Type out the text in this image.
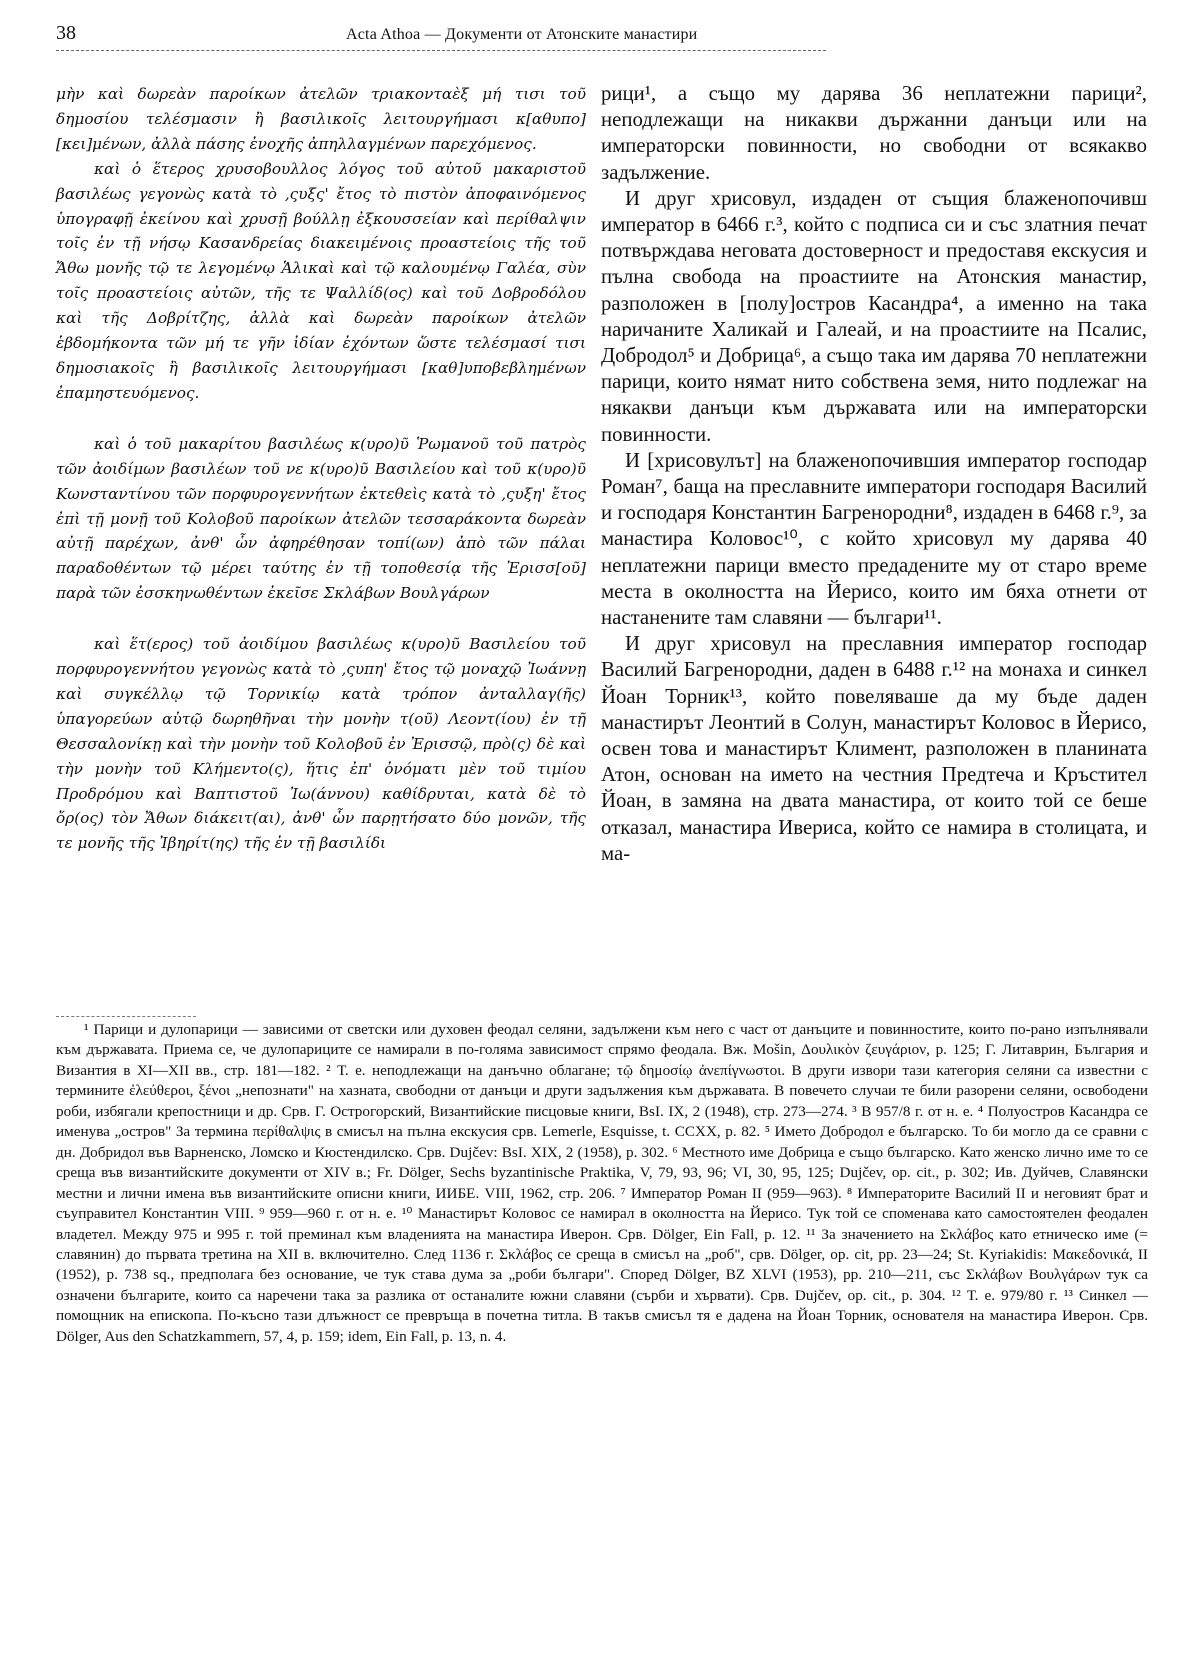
38	Acta Athoa — Документи от Атонските манастири

μὴν καὶ δωρεὰν παροίκων ἀτελῶν τριακονταὲξ μή τισι τοῦ δημοσίου τελέσμασιν ἢ βασιλικοῖς λειτουργήμασι κ[αθυπο] [κει]μένων, ἀλλὰ πάσης ἐνοχῆς ἀπηλλαγμένων παρεχόμενος.

καὶ ὁ ἕτερος χρυσοβουλλος λόγος τοῦ αὐτοῦ μακαριστοῦ βασιλέως γεγονὼς κατὰ τὸ ‚ςυξς' ἔτος τὸ πιστὸν ἀποφαινόμενος ὑπογραφῇ ἐκείνου καὶ χρυσῇ βούλλῃ ἐξκουσσείαν καὶ περίθαλψιν τοῖς ἐν τῇ νήσῳ Κασανδρείας διακειμένοις προαστείοις τῆς τοῦ Ἄθω μονῆς τῷ τε λεγομένῳ Ἁλικαὶ καὶ τῷ καλουμένῳ Γαλέα, σὺν τοῖς προαστείοις αὐτῶν, τῆς τε Ψαλλίδ(ος) καὶ τοῦ Δοβροδόλου καὶ τῆς Δοβρίτζης, ἀλλὰ καὶ δωρεὰν παροίκων ἀτελῶν ἑβδομήκοντα τῶν μή τε γῆν ἰδίαν ἐχόντων ὥστε τελέσμασί τισι δημοσιακοῖς ἢ βασιλικοῖς λειτουργήμασι [καθ]υποβεβλημένων ἐπαμηστευόμενος.

καὶ ὁ τοῦ μακαρίτου βασιλέως κ(υρο)ῦ Ῥωμανοῦ τοῦ πατρὸς τῶν ἀοιδίμων βασιλέων τοῦ νε κ(υρο)ῦ Βασιλείου καὶ τοῦ κ(υρο)ῦ Κωνσταντίνου τῶν πορφυρογεννήτων ἐκτεθεὶς κατὰ τὸ ‚ςυξη' ἔτος ἐπὶ τῇ μονῇ τοῦ Κολοβοῦ παροίκων ἀτελῶν τεσσαράκοντα δωρεὰν αὐτῇ παρέχων, ἀνθ' ὧν ἀφηρέθησαν τοπί(ων) ἀπὸ τῶν πάλαι παραδοθέντων τῷ μέρει ταύτης ἐν τῇ τοποθεσίᾳ τῆς Ἐρισσ[οῦ] παρὰ τῶν ἐσσκηνωθέντων ἐκεῖσε Σκλάβων Βουλγάρων

καὶ ἕτ(ερος) τοῦ ἀοιδίμου βασιλέως κ(υρο)ῦ Βασιλείου τοῦ πορφυρογεννήτου γεγονὼς κατὰ τὸ ‚ςυπη' ἔτος τῷ μοναχῷ Ἰωάννῃ καὶ συγκέλλῳ τῷ Τορνικίῳ κατὰ τρόπον ἀνταλλαγ(ῆς) ὑπαγορεύων αὐτῷ δωρηθῆναι τὴν μονὴν τ(οῦ) Λεοντ(ίου) ἐν τῇ Θεσσαλονίκῃ καὶ τὴν μονὴν τοῦ Κολοβοῦ ἐν Ἐρισσῷ, πρὸ(ς) δὲ καὶ τὴν μονὴν τοῦ Κλήμεντο(ς), ἥτις ἐπ' ὀνόματι μὲν τοῦ τιμίου Προδρόμου καὶ Βαπτιστοῦ Ἰω(άννου) καθίδρυται, κατὰ δὲ τὸ ὄρ(ος) τὸν Ἄθων διάκειτ(αι), ἀνθ' ὧν παρῃτήσατο δύο μονῶν, τῆς τε μονῆς τῆς Ἰβηρίτ(ης) τῆς ἐν τῇ βασιλίδι

рици¹, а също му дарява 36 неплатежни парици², неподлежащи на никакви държанни данъци или на императорски повинности, но свободни от всякакво задължение.

И друг хрисовул, издаден от същия блаженопочивш император в 6466 г.³, който с подписа си и със златния печат потвърждава неговата достоверност и предоставя екскусия и пълна свобода на проастиите на Атонския манастир, разположен в [полу]остров Касандра⁴, а именно на така наричаните Халикай и Галеай, и на проастиите на Псалис, Добродол⁵ и Добрица⁶, а също така им дарява 70 неплатежни парици, които нямат нито собствена земя, нито подлежаг на някакви данъци към държавата или на императорски повинности.

И [хрисовулът] на блаженопочившия император господар Роман⁷, баща на преславните императори господаря Василий и господаря Константин Багренородни⁸, издаден в 6468 г.⁹, за манастира Коловос¹⁰, с който хрисовул му дарява 40 неплатежни парици вместо предадените му от старо време места в околността на Йерисо, които им бяха отнети от настанените там славяни — българи¹¹.

И друг хрисовул на преславния император господар Василий Багренородни, даден в 6488 г.¹² на монаха и синкел Йоан Торник¹³, който повеляваше да му бъде даден манастирът Леонтий в Солун, манастирът Коловос в Йерисо, освен това и манастирът Климент, разположен в планината Атон, основан на името на честния Предтеча и Кръстител Йоан, в замяна на двата манастира, от които той се беше отказал, манастира Ивериса, който се намира в столицата, и ма-

¹ Парици и дулопарици — зависими от светски или духовен феодал селяни, задължени към него с част от данъците и повинностите, които по-рано изпълнявали към държавата. Приема се, че дулопариците се намирали в по-голяма зависимост спрямо феодала. Вж. Mošin, Δουλικὸν ζευγάριον, p. 125; Г. Литаврин, България и Византия в XI—XII вв., стр. 181—182. ² Т. е. неподлежащи на данъчно облагане; τῷ δημοσίῳ ἀνεπίγνωστοι. В други извори тази категория селяни са известни с термините ἐλεύθεροι, ξένοι „непознати" на хазната, свободни от данъци и други задължения към държавата. В повечето случаи те били разорени селяни, освободени роби, избягали крепостници и др. Срв. Г. Острогорский, Византийские писцовые книги, BsI. IX, 2 (1948), стр. 273—274. ³ В 957/8 г. от н. е. ⁴ Полуостров Касандра се именува „остров" За термина περίθαλψις в смисъл на пълна екскусия срв. Lemerle, Esquisse, t. CCXX, p. 82. ⁵ Името Добродол е българско. То би могло да се сравни с дн. Добридол във Варненско, Ломско и Кюстендилско. Срв. Dujčev: BsI. XIX, 2 (1958), p. 302. ⁶ Местното име Добрица е също българско. Като женско лично име то се среща във византийските документи от XIV в.; Fr. Dölger, Sechs byzantinische Praktika, V, 79, 93, 96; VI, 30, 95, 125; Dujčev, op. cit., p. 302; Ив. Дуйчев, Славянски местни и лични имена във византийските описни книги, ИИБЕ. VIII, 1962, стр. 206. ⁷ Император Роман II (959—963). ⁸ Императорите Василий II и неговият брат и съуправител Константин VIII. ⁹ 959—960 г. от н. е. ¹⁰ Манастирът Коловос се намирал в околността на Йерисо. Тук той се споменава като самостоятелен феодален владетел. Между 975 и 995 г. той преминал към владенията на манастира Иверон. Срв. Dölger, Ein Fall, p. 12. ¹¹ За значението на Σκλάβος като етническо име (= славянин) до първата третина на XII в. включително. След 1136 г. Σκλάβος се среща в смисъл на „роб", срв. Dölger, op. cit, pp. 23—24; St. Kyriakidis: Μακεδονικά, II (1952), p. 738 sq., предполага без основание, че тук става дума за „роби българи". Според Dölger, BZ XLVI (1953), pp. 210—211, със Σκλάβων Βουλγάρων тук са означени българите, които са наречени така за разлика от останалите южни славяни (сърби и хървати). Срв. Dujčev, op. cit., p. 304. ¹² Т. е. 979/80 г. ¹³ Синкел — помощник на епископа. По-късно тази длъжност се превръща в почетна титла. В такъв смисъл тя е дадена на Йоан Торник, основателя на манастира Иверон. Срв. Dölger, Aus den Schatzkammern, 57, 4, p. 159; idem, Ein Fall, p. 13, n. 4.
